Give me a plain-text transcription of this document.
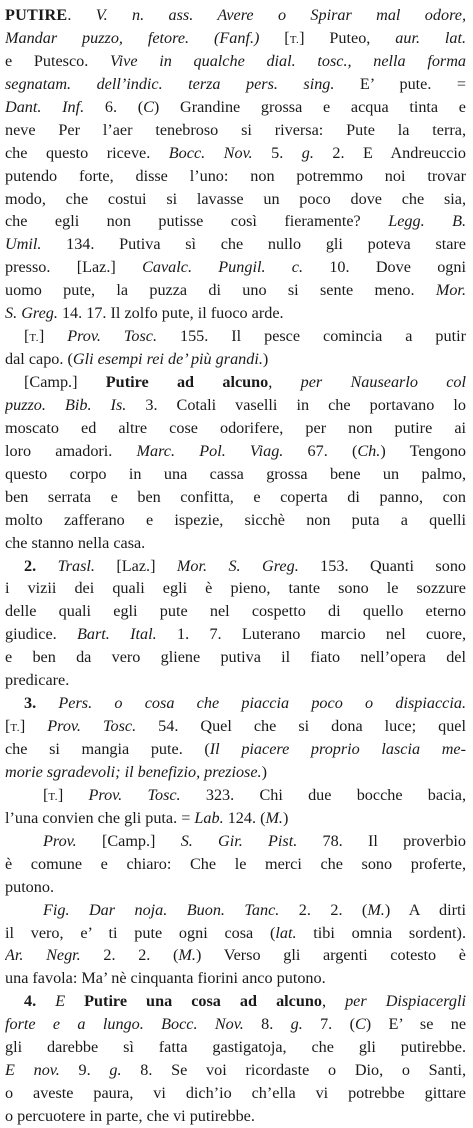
PUTIRE. V. n. ass. Avere o Spirar mal odore,
Mandar puzzo, fetore. (Fanf.) [T.] Puteo, aur. lat.
e Putesco. Vive in qualche dial. tosc., nella forma
segnatam. dell’indic. terza pers. sing. E’ pute. =
Dant. Inf. 6. (C) Grandine grossa e acqua tinta e
neve Per l’aer tenebroso si riversa: Pute la terra,
che questo riceve. Bocc. Nov. 5. g. 2. E Andreuccio
putendo forte, disse l’uno: non potremmo noi trovar
modo, che costui si lavasse un poco dove che sia,
che egli non putisse così fieramente? Legg. B.
Umil. 134. Putiva sì che nullo gli poteva stare
presso. [Laz.] Cavalc. Pungil. c. 10. Dove ogni
uomo pute, la puzza di uno si sente meno. Mor.
S. Greg. 14. 17. Il zolfo pute, il fuoco arde.
[T.] Prov. Tosc. 155. Il pesce comincia a putir
dal capo. (Gli esempi rei de’ più grandi.)
[Camp.] Putire ad alcuno, per Nausearlo col
puzzo. Bib. Is. 3. Cotali vaselli in che portavano lo
moscato ed altre cose odorifere, per non putire ai
loro amadori. Marc. Pol. Viag. 67. (Ch.) Tengono
questo corpo in una cassa grossa bene un palmo,
ben serrata e ben confitta, e coperta di panno, con
molto zafferano e ispezie, sicchè non puta a quelli
che stanno nella casa.
2. Trasl. [Laz.] Mor. S. Greg. 153. Quanti sono
i vizii dei quali egli è pieno, tante sono le sozzure
delle quali egli pute nel cospetto di quello eterno
giudice. Bart. Ital. 1. 7. Luterano marcio nel cuore,
e ben da vero gliene putiva il fiato nell’opera del
predicare.
3. Pers. o cosa che piaccia poco o dispiaccia.
[T.] Prov. Tosc. 54. Quel che si dona luce; quel
che si mangia pute. (Il piacere proprio lascia me-
morie sgradevoli; il benefizio, preziose.)
[T.] Prov. Tosc. 323. Chi due bocche bacia,
l’una convien che gli puta. = Lab. 124. (M.)
Prov. [Camp.] S. Gir. Pist. 78. Il proverbio
è comune e chiaro: Che le merci che sono proferte,
putono.
Fig. Dar noja. Buon. Tanc. 2. 2. (M.) A dirti
il vero, e’ ti pute ogni cosa (lat. tibi omnia sordent).
Ar. Negr. 2. 2. (M.) Verso gli argenti cotesto è
una favola: Ma’ nè cinquanta fiorini anco putono.
4. E Putire una cosa ad alcuno, per Dispiacergli
forte e a lungo. Bocc. Nov. 8. g. 7. (C) E’ se ne
gli darebbe sì fatta gastigatoja, che gli putirebbe.
E nov. 9. g. 8. Se voi ricordaste o Dio, o Santi,
o aveste paura, vi dich’io ch’ella vi potrebbe gittare
o percuotere in parte, che vi putirebbe.
